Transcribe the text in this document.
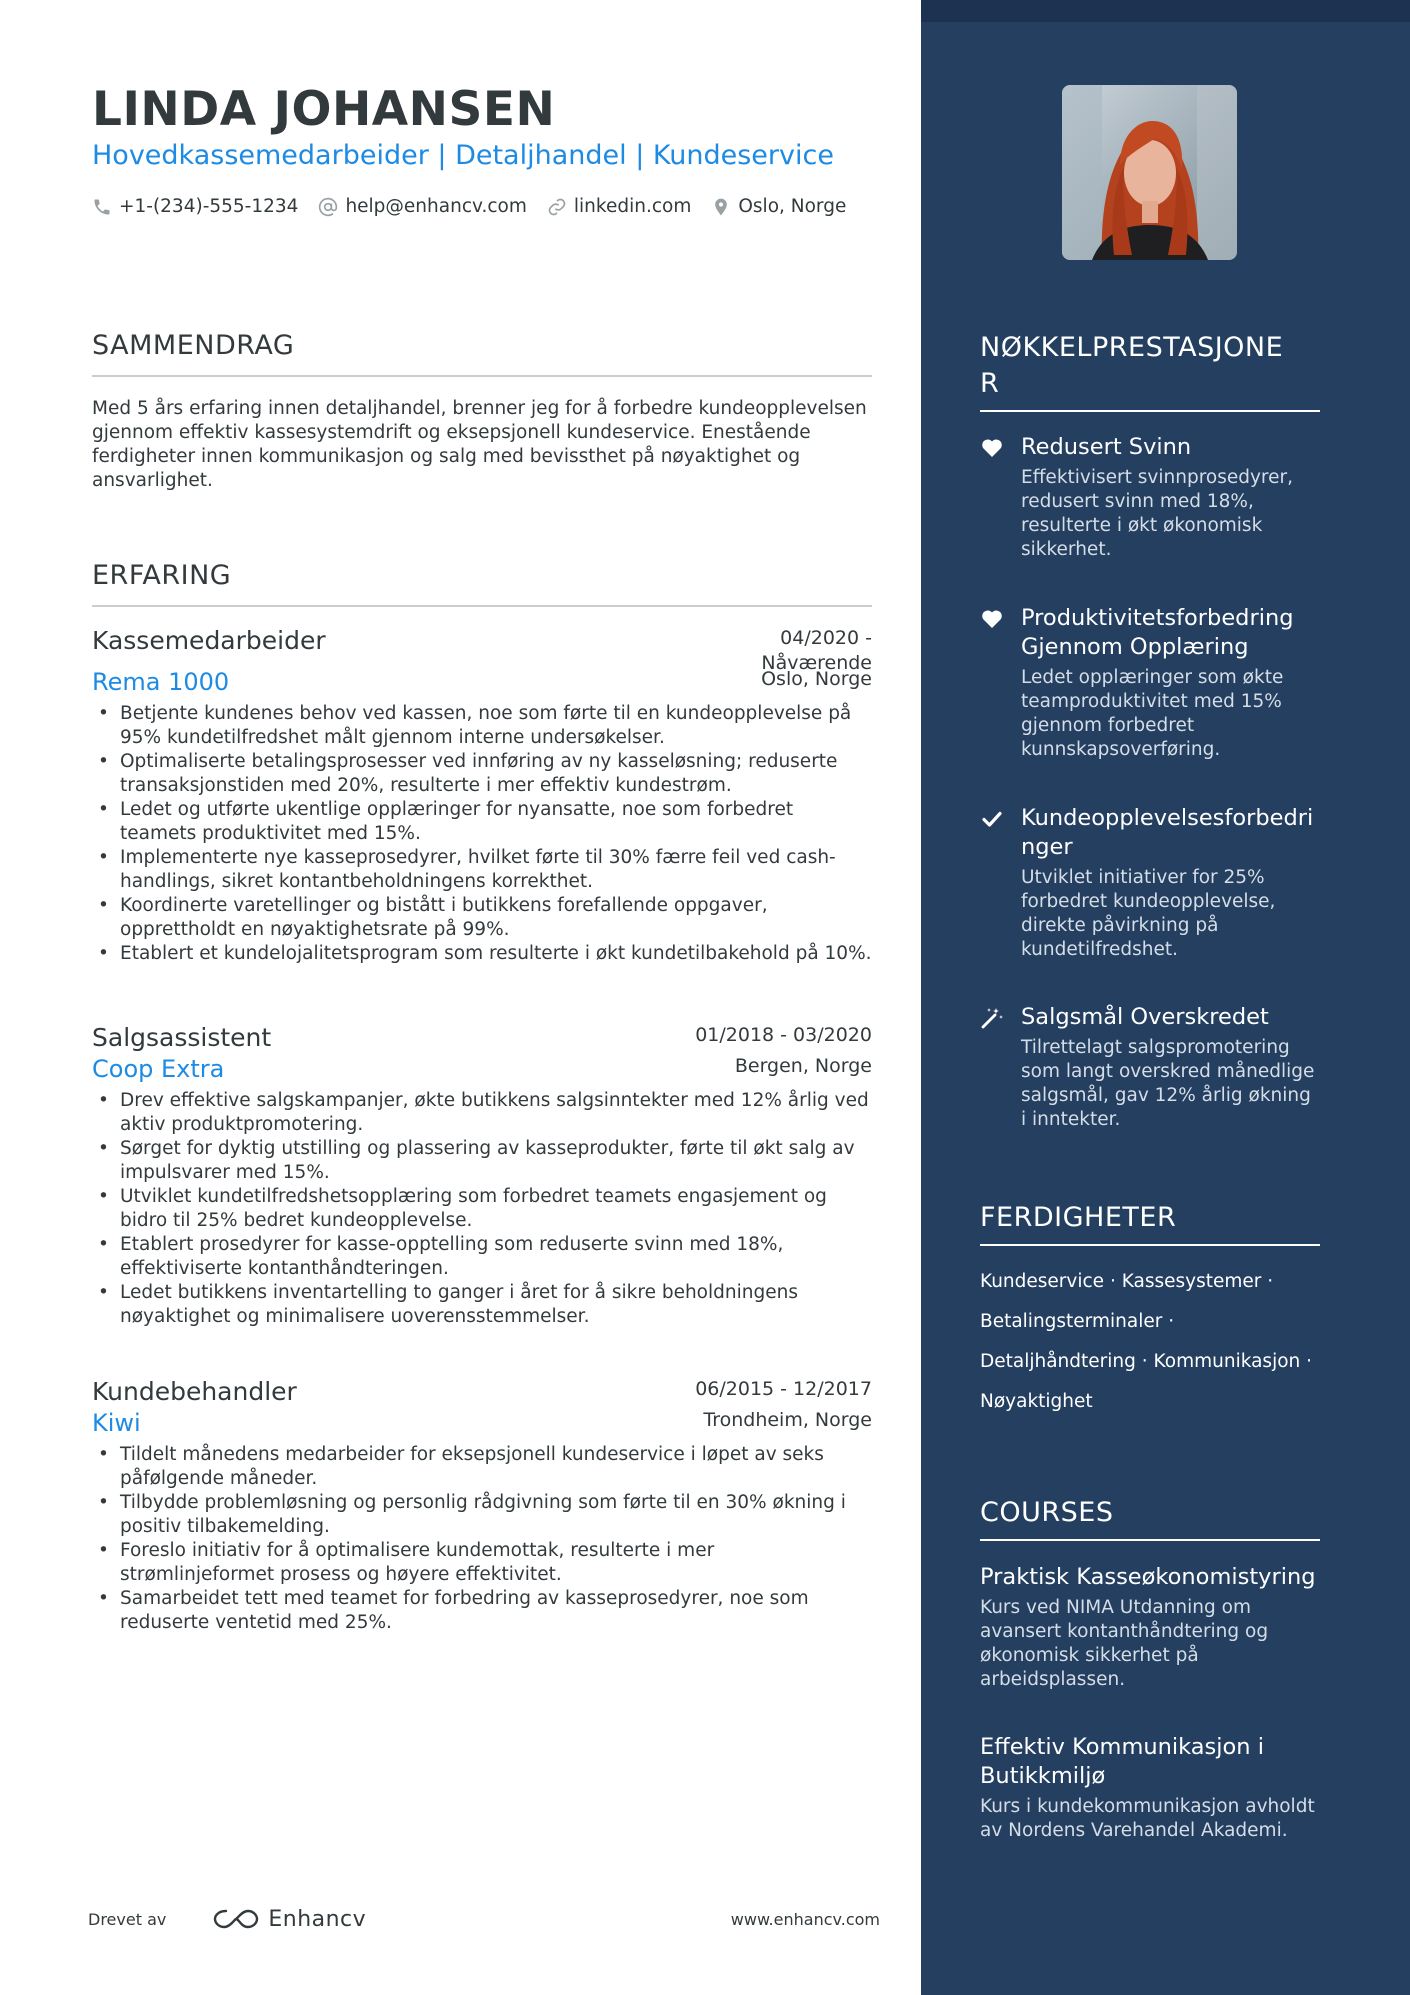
LINDA JOHANSEN
Hovedkassemedarbeider | Detaljhandel | Kundeservice
+1-(234)-555-1234	help@enhancv.com	linkedin.com	Oslo, Norge
SAMMENDRAG
Med 5 års erfaring innen detaljhandel, brenner jeg for å forbedre kundeopplevelsen gjennom effektiv kassesystemdrift og eksepsjonell kundeservice. Enestående ferdigheter innen kommunikasjon og salg med bevissthet på nøyaktighet og ansvarlighet.
ERFARING
Kassemedarbeider	04/2020 -
Nåværende
Rema 1000	Oslo, Norge
• Betjente kundenes behov ved kassen, noe som førte til en kundeopplevelse på 95% kundetilfredshet målt gjennom interne undersøkelser.
• Optimaliserte betalingsprosesser ved innføring av ny kasseløsning; reduserte transaksjonstiden med 20%, resulterte i mer effektiv kundestrøm.
• Ledet og utførte ukentlige opplæringer for nyansatte, noe som forbedret teamets produktivitet med 15%.
• Implementerte nye kasseprosedyrer, hvilket førte til 30% færre feil ved cash-handlings, sikret kontantbeholdningens korrekthet.
• Koordinerte varetellinger og bistått i butikkens forefallende oppgaver, opprettholdt en nøyaktighetsrate på 99%.
• Etablert et kundelojalitetsprogram som resulterte i økt kundetilbakehold på 10%.
Salgsassistent	01/2018 - 03/2020
Coop Extra	Bergen, Norge
• Drev effektive salgskampanjer, økte butikkens salgsinntekter med 12% årlig ved aktiv produktpromotering.
• Sørget for dyktig utstilling og plassering av kasseprodukter, førte til økt salg av impulsvarer med 15%.
• Utviklet kundetilfredshetsopplæring som forbedret teamets engasjement og bidro til 25% bedret kundeopplevelse.
• Etablert prosedyrer for kasse-opptelling som reduserte svinn med 18%, effektiviserte kontanthåndteringen.
• Ledet butikkens inventartelling to ganger i året for å sikre beholdningens nøyaktighet og minimalisere uoverensstemmelser.
Kundebehandler	06/2015 - 12/2017
Kiwi	Trondheim, Norge
• Tildelt månedens medarbeider for eksepsjonell kundeservice i løpet av seks påfølgende måneder.
• Tilbydde problemløsning og personlig rådgivning som førte til en 30% økning i positiv tilbakemelding.
• Foreslo initiativ for å optimalisere kundemottak, resulterte i mer strømlinjeformet prosess og høyere effektivitet.
• Samarbeidet tett med teamet for forbedring av kasseprosedyrer, noe som reduserte ventetid med 25%.
Drevet av	Enhancv	www.enhancv.com
NØKKELPRESTASJONE
R
Redusert Svinn
Effektivisert svinnprosedyrer, redusert svinn med 18%, resulterte i økt økonomisk sikkerhet.
Produktivitetsforbedring
Gjennom Opplæring
Ledet opplæringer som økte teamproduktivitet med 15% gjennom forbedret kunnskapsoverføring.
Kundeopplevelsesforbedri
nger
Utviklet initiativer for 25% forbedret kundeopplevelse, direkte påvirkning på kundetilfredshet.
Salgsmål Overskredet
Tilrettelagt salgspromotering som langt overskred månedlige salgsmål, gav 12% årlig økning i inntekter.
FERDIGHETER
Kundeservice · Kassesystemer ·
Betalingsterminaler ·
Detaljhåndtering · Kommunikasjon ·
Nøyaktighet
COURSES
Praktisk Kasseøkonomistyring
Kurs ved NIMA Utdanning om avansert kontanthåndtering og økonomisk sikkerhet på arbeidsplassen.
Effektiv Kommunikasjon i
Butikkmiljø
Kurs i kundekommunikasjon avholdt av Nordens Varehandel Akademi.
